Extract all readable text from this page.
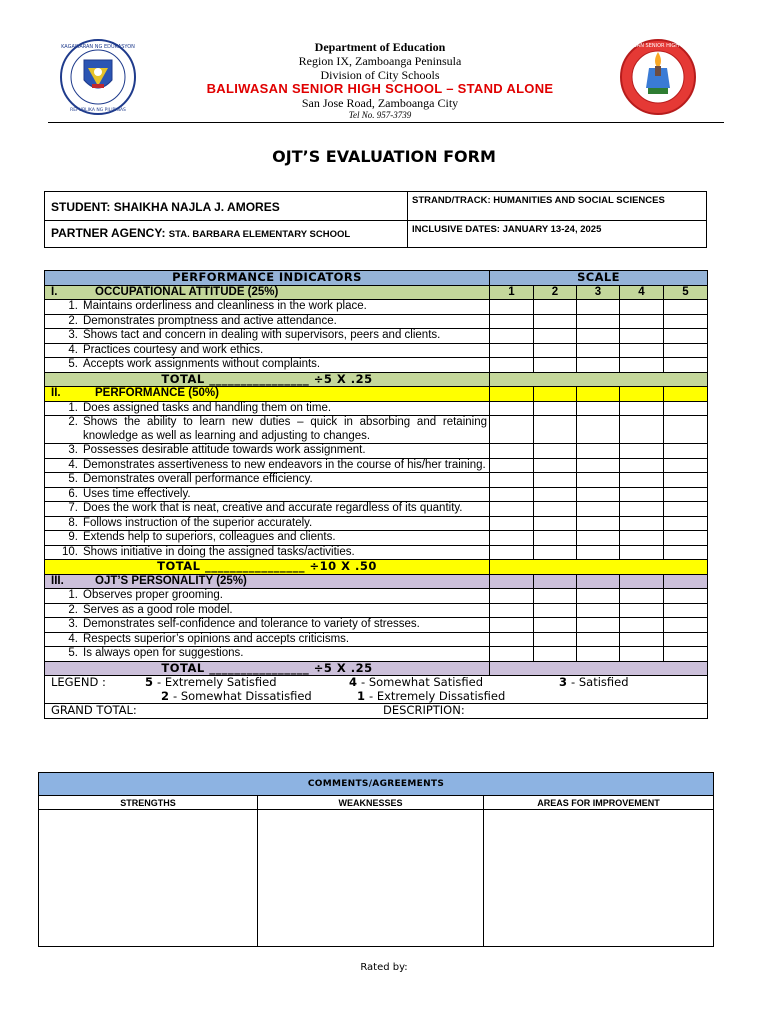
KAGAWARAN NG EDUKASYON
REPUBLIKA NG PILIPINAS
BALIWASAN SENIOR HIGH SCHOOL
Department of Education
Region IX, Zamboanga Peninsula
Division of City Schools
BALIWASAN SENIOR HIGH SCHOOL – STAND ALONE
San Jose Road, Zamboanga City
Tel No. 957-3739
OJT’S EVALUATION FORM
STUDENT: SHAIKHA NAJLA J. AMORES	STRAND/TRACK: HUMANITIES AND SOCIAL SCIENCES
PARTNER AGENCY: STA. BARBARA ELEMENTARY SCHOOL	INCLUSIVE DATES: JANUARY 13-24, 2025
PERFORMANCE INDICATORS	SCALE				
I. OCCUPATIONAL ATTITUDE (25%)	1	2	3	4	5

1. Maintains orderliness and cleanliness in the work place.					

2. Demonstrates promptness and active attendance.					

3. Shows tact and concern in dealing with supervisors, peers and clients.					

4. Practices courtesy and work ethics.					

5. Accepts work assignments without complaints.					

TOTAL ________________ ÷5 X .25					
II. PERFORMANCE (50%)					

1. Does assigned tasks and handling them on time.					

2. Shows the ability to learn new duties – quick in absorbing and retaining knowledge as well as learning and adjusting to changes.					

3. Possesses desirable attitude towards work assignment.					

4. Demonstrates assertiveness to new endeavors in the course of his/her training.					

5. Demonstrates overall performance efficiency.					

6. Uses time effectively.					

7. Does the work that is neat, creative and accurate regardless of its quantity.					

8. Follows instruction of the superior accurately.					

9. Extends help to superiors, colleagues and clients.					

10. Shows initiative in doing the assigned tasks/activities.					

TOTAL ________________ ÷10 X .50					
III. OJT’S PERSONALITY (25%)					

1. Observes proper grooming.					

2. Serves as a good role model.					

3. Demonstrates self-confidence and tolerance to variety of stresses.					

4. Respects superior’s opinions and accepts criticisms.					

5. Is always open for suggestions.					

TOTAL ________________ ÷5 X .25					

LEGEND : 5 - Extremely Satisfied 4 - Somewhat Satisfied 3 - Satisfied
2 - Somewhat Dissatisfied 1 - Extremely Dissatisfied					

GRAND TOTAL: DESCRIPTION:					
COMMENTS/AGREEMENTS		
STRENGTHS	WEAKNESSES	AREAS FOR IMPROVEMENT

Rated by:
